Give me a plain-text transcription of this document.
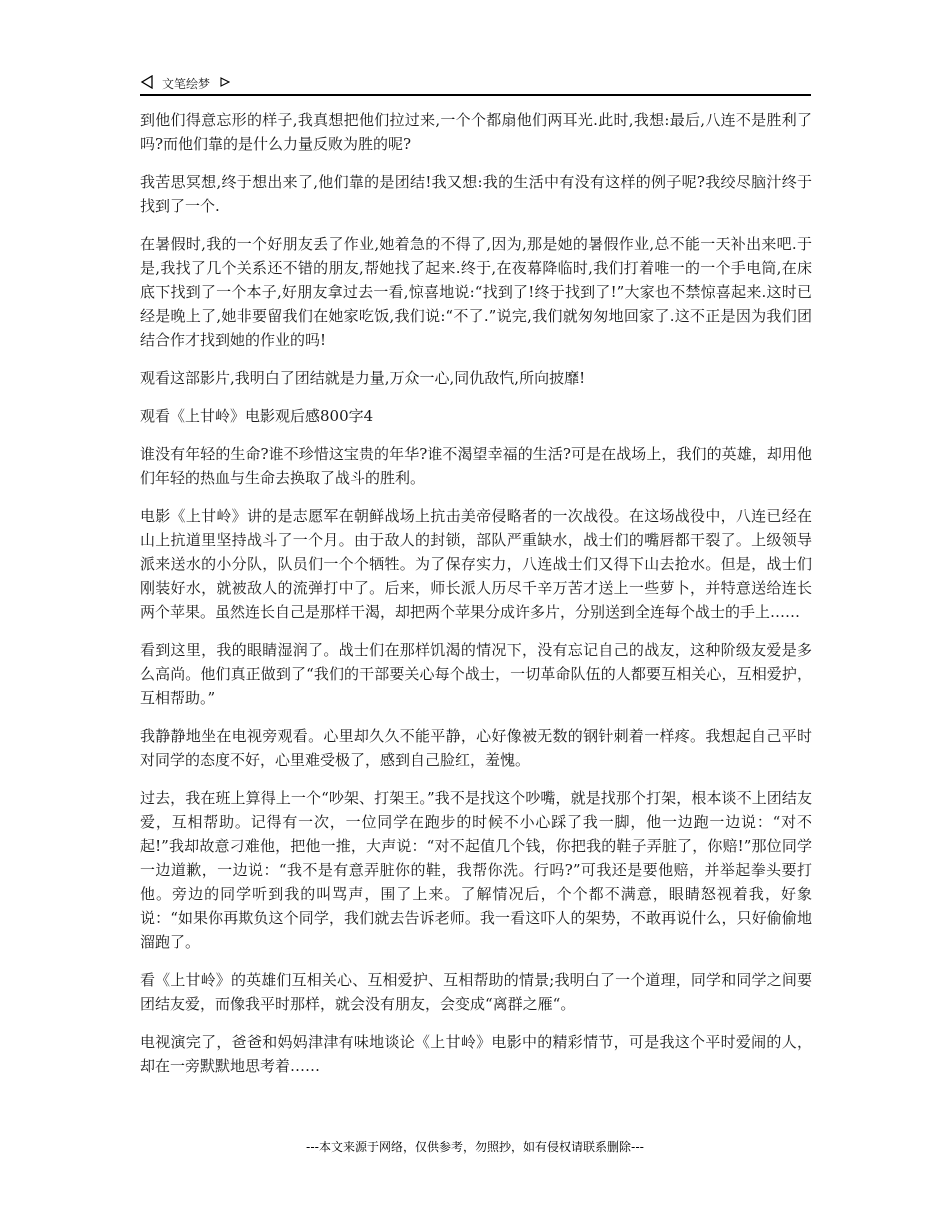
文笔绘梦

到他们得意忘形的样子,我真想把他们拉过来,一个个都扇他们两耳光.此时,我想:最后,八连不是胜利了吗?而他们靠的是什么力量反败为胜的呢?

我苦思冥想,终于想出来了,他们靠的是团结!我又想:我的生活中有没有这样的例子呢?我绞尽脑汁终于找到了一个.

在暑假时,我的一个好朋友丢了作业,她着急的不得了,因为,那是她的暑假作业,总不能一天补出来吧.于是,我找了几个关系还不错的朋友,帮她找了起来.终于,在夜幕降临时,我们打着唯一的一个手电筒,在床底下找到了一个本子,好朋友拿过去一看,惊喜地说:“找到了!终于找到了!”大家也不禁惊喜起来.这时已经是晚上了,她非要留我们在她家吃饭,我们说:“不了.”说完,我们就匆匆地回家了.这不正是因为我们团结合作才找到她的作业的吗!

观看这部影片,我明白了团结就是力量,万众一心,同仇敌忾,所向披靡!

观看《上甘岭》电影观后感800字4

谁没有年轻的生命?谁不珍惜这宝贵的年华?谁不渴望幸福的生活?可是在战场上，我们的英雄，却用他们年轻的热血与生命去换取了战斗的胜利。

电影《上甘岭》讲的是志愿军在朝鲜战场上抗击美帝侵略者的一次战役。在这场战役中，八连已经在山上抗道里坚持战斗了一个月。由于敌人的封锁，部队严重缺水，战士们的嘴唇都干裂了。上级领导派来送水的小分队，队员们一个个牺牲。为了保存实力，八连战士们又得下山去抢水。但是，战士们刚装好水，就被敌人的流弹打中了。后来，师长派人历尽千辛万苦才送上一些萝卜，并特意送给连长两个苹果。虽然连长自己是那样干渴，却把两个苹果分成许多片，分别送到全连每个战士的手上……

看到这里，我的眼睛湿润了。战士们在那样饥渴的情况下，没有忘记自己的战友，这种阶级友爱是多么高尚。他们真正做到了“我们的干部要关心每个战士，一切革命队伍的人都要互相关心，互相爱护，互相帮助。”

我静静地坐在电视旁观看。心里却久久不能平静，心好像被无数的钢针刺着一样疼。我想起自己平时对同学的态度不好，心里难受极了，感到自己脸红，羞愧。

过去，我在班上算得上一个“吵架、打架王。”我不是找这个吵嘴，就是找那个打架，根本谈不上团结友爱，互相帮助。记得有一次，一位同学在跑步的时候不小心踩了我一脚，他一边跑一边说：“对不起!”我却故意刁难他，把他一推，大声说：“对不起值几个钱，你把我的鞋子弄脏了，你赔!”那位同学一边道歉，一边说：“我不是有意弄脏你的鞋，我帮你洗。行吗?”可我还是要他赔，并举起拳头要打他。旁边的同学听到我的叫骂声，围了上来。了解情况后，个个都不满意，眼睛怒视着我，好象说：“如果你再欺负这个同学，我们就去告诉老师。我一看这吓人的架势，不敢再说什么，只好偷偷地溜跑了。

看《上甘岭》的英雄们互相关心、互相爱护、互相帮助的情景;我明白了一个道理，同学和同学之间要团结友爱，而像我平时那样，就会没有朋友，会变成“离群之雁“。

电视演完了，爸爸和妈妈津津有味地谈论《上甘岭》电影中的精彩情节，可是我这个平时爱闹的人，却在一旁默默地思考着……

---本文来源于网络，仅供参考，勿照抄，如有侵权请联系删除---
